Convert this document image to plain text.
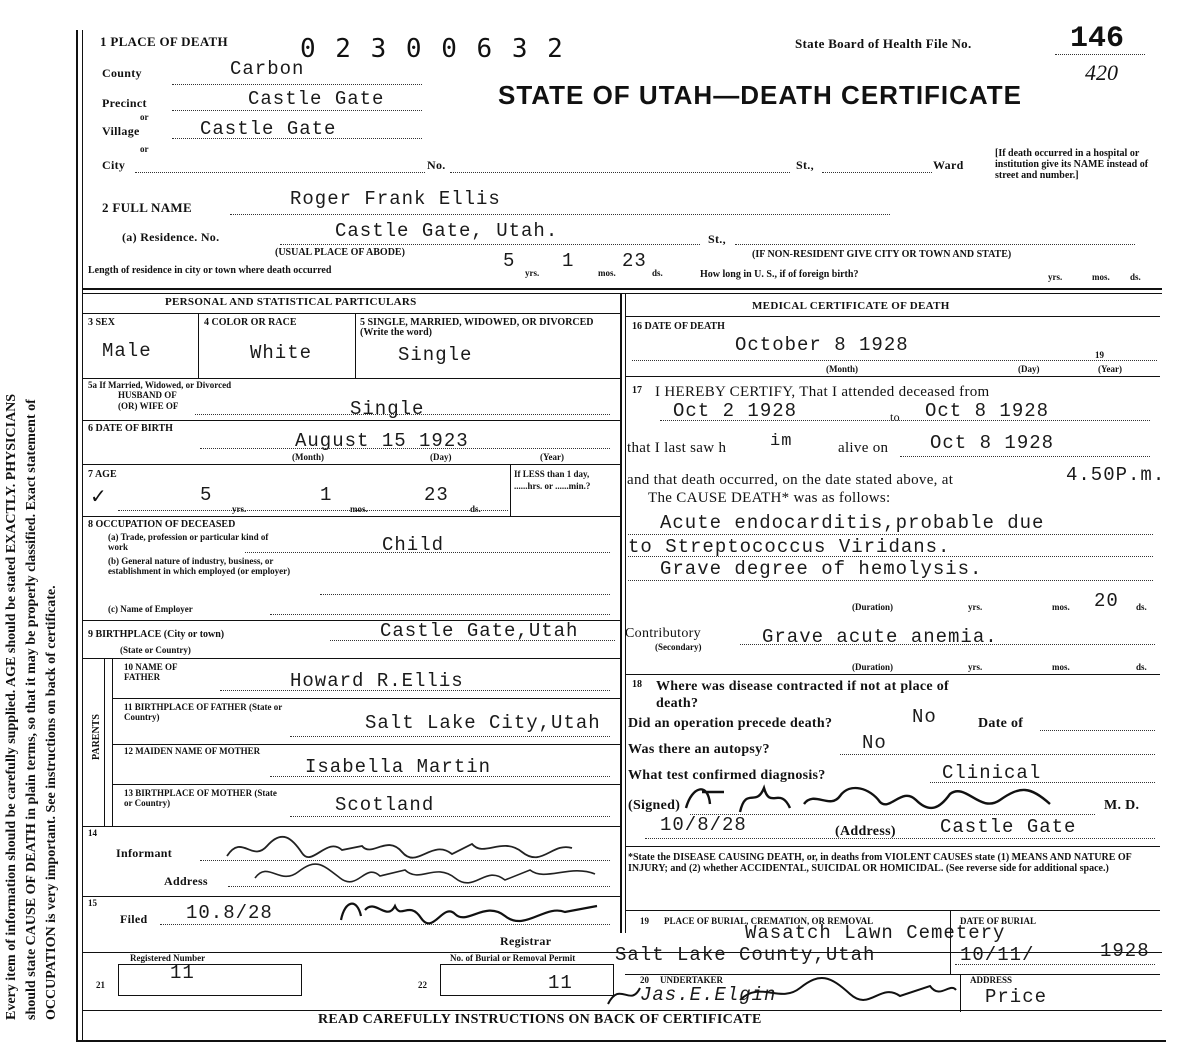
Every item of information should be carefully supplied. AGE should be stated EXACTLY. PHYSICIANS should state CAUSE OF DEATH in plain terms, so that it may be properly classified. Exact statement of OCCUPATION is very important. See instructions on back of certificate.
1 PLACE OF DEATH	0 2 3 0 0 6 3 2	State Board of Health File No.	146
420
STATE OF UTAH—DEATH CERTIFICATE
County	Carbon
Precinct	Castle Gate
or
Village	Castle Gate
or
City	No.	St.,	Ward
[If death occurred in a hospital or institution give its NAME instead of street and number.]
2 FULL NAME	Roger Frank Ellis
(a) Residence. No.	Castle Gate, Utah.	St.,
(USUAL PLACE OF ABODE)	(IF NON-RESIDENT GIVE CITY OR TOWN AND STATE)
Length of residence in city or town where death occurred	5
yrs.
1
mos.
23
ds.	How long in U. S., if of foreign birth?	yrs.	mos. ds.
PERSONAL AND STATISTICAL PARTICULARS
3 SEX
Male
4 COLOR OR RACE
White
5 SINGLE, MARRIED, WIDOWED, OR DIVORCED (Write the word)
Single
5a If Married, Widowed, or Divorced
HUSBAND OF
(OR) WIFE OF	Single
6 DATE OF BIRTH
August 15 1923
(Month)	(Day)	(Year)
7 AGE
✓	5
yrs.
1
mos.
23
ds.
If LESS than 1 day, ......hrs. or ......min.?
8 OCCUPATION OF DECEASED
(a) Trade, profession or particular kind of work	Child
(b) General nature of industry, business, or establishment in which employed (or employer)
(c) Name of Employer
9 BIRTHPLACE (City or town)
(State or Country)
Castle Gate,Utah
PARENTS
10 NAME OF FATHER	Howard R.Ellis
11 BIRTHPLACE OF FATHER (State or Country)	Salt Lake City,Utah
12 MAIDEN NAME OF MOTHER
Isabella Martin
13 BIRTHPLACE OF MOTHER (State or Country)	Scotland
14
Informant
Address
15
Filed 10.8/28
Registrar
Registered Number
21
11
22
No. of Burial or Removal Permit
11
MEDICAL CERTIFICATE OF DEATH
16 DATE OF DEATH
October 8 1928
(Month)	(Day)	(Year)
19
17 I HEREBY CERTIFY, That I attended deceased from
Oct 2 1928	to Oct 8 1928
that I last saw h	im	alive on Oct 8 1928
and that death occurred, on the date stated above, at	4.50P.m.
The CAUSE DEATH* was as follows:
Acute endocarditis,probable due
to Streptococcus Viridans.
Grave degree of hemolysis.
(Duration)	yrs.	mos. 20 ds.
Contributory
(Secondary)	Grave acute anemia.
(Duration)	yrs.	mos.	ds.
18 Where was disease contracted if not at place of death?
Did an operation precede death?	No	Date of
Was there an autopsy?	No
What test confirmed diagnosis?	Clinical
(Signed)	M. D.
10/8/28	(Address) Castle Gate
*State the DISEASE CAUSING DEATH, or, in deaths from VIOLENT CAUSES state (1) MEANS AND NATURE OF INJURY; and (2) whether ACCIDENTAL, SUICIDAL OR HOMICIDAL. (See reverse side for additional space.)
19 PLACE OF BURIAL, CREMATION, OR REMOVAL
Wasatch Lawn Cemetery
Salt Lake County,Utah
DATE OF BURIAL
10/11/	1928
20 UNDERTAKER
Jas.E.Elgin
ADDRESS
Price
READ CAREFULLY INSTRUCTIONS ON BACK OF CERTIFICATE
